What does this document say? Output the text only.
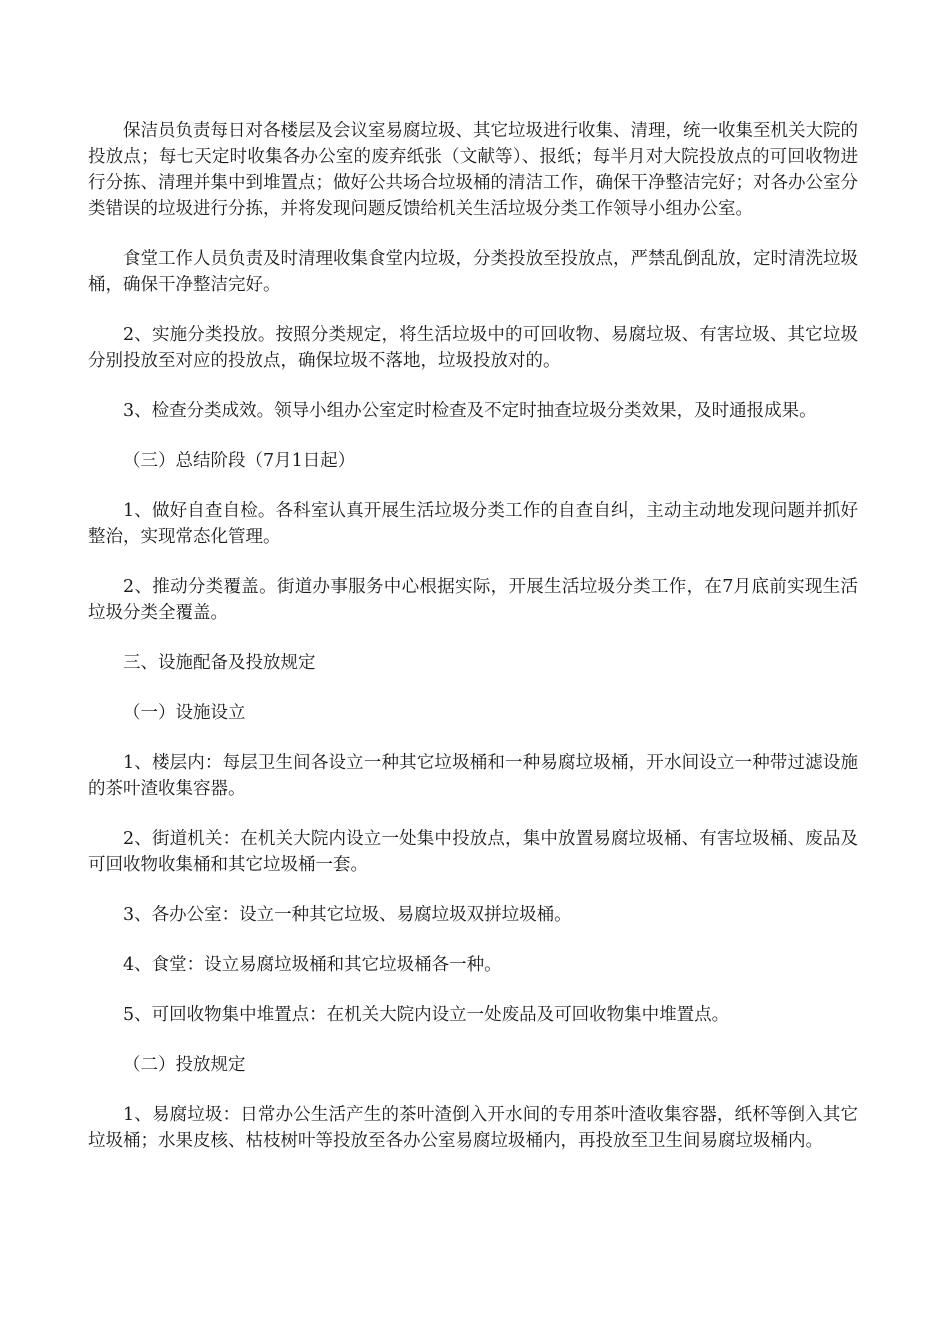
保洁员负责每日对各楼层及会议室易腐垃圾、其它垃圾进行收集、清理，统一收集至机关大院的投放点；每七天定时收集各办公室的废弃纸张（文献等）、报纸；每半月对大院投放点的可回收物进行分拣、清理并集中到堆置点；做好公共场合垃圾桶的清洁工作，确保干净整洁完好；对各办公室分类错误的垃圾进行分拣，并将发现问题反馈给机关生活垃圾分类工作领导小组办公室。

食堂工作人员负责及时清理收集食堂内垃圾，分类投放至投放点，严禁乱倒乱放，定时清洗垃圾桶，确保干净整洁完好。

2、实施分类投放。按照分类规定，将生活垃圾中的可回收物、易腐垃圾、有害垃圾、其它垃圾分别投放至对应的投放点，确保垃圾不落地，垃圾投放对的。

3、检查分类成效。领导小组办公室定时检查及不定时抽查垃圾分类效果，及时通报成果。

（三）总结阶段（7月1日起）

1、做好自查自检。各科室认真开展生活垃圾分类工作的自查自纠，主动主动地发现问题并抓好整治，实现常态化管理。

2、推动分类覆盖。街道办事服务中心根据实际，开展生活垃圾分类工作，在7月底前实现生活垃圾分类全覆盖。

三、设施配备及投放规定

（一）设施设立

1、楼层内：每层卫生间各设立一种其它垃圾桶和一种易腐垃圾桶，开水间设立一种带过滤设施的茶叶渣收集容器。

2、街道机关：在机关大院内设立一处集中投放点，集中放置易腐垃圾桶、有害垃圾桶、废品及可回收物收集桶和其它垃圾桶一套。

3、各办公室：设立一种其它垃圾、易腐垃圾双拼垃圾桶。

4、食堂：设立易腐垃圾桶和其它垃圾桶各一种。

5、可回收物集中堆置点：在机关大院内设立一处废品及可回收物集中堆置点。

（二）投放规定

1、易腐垃圾：日常办公生活产生的茶叶渣倒入开水间的专用茶叶渣收集容器，纸杯等倒入其它垃圾桶；水果皮核、枯枝树叶等投放至各办公室易腐垃圾桶内，再投放至卫生间易腐垃圾桶内。
